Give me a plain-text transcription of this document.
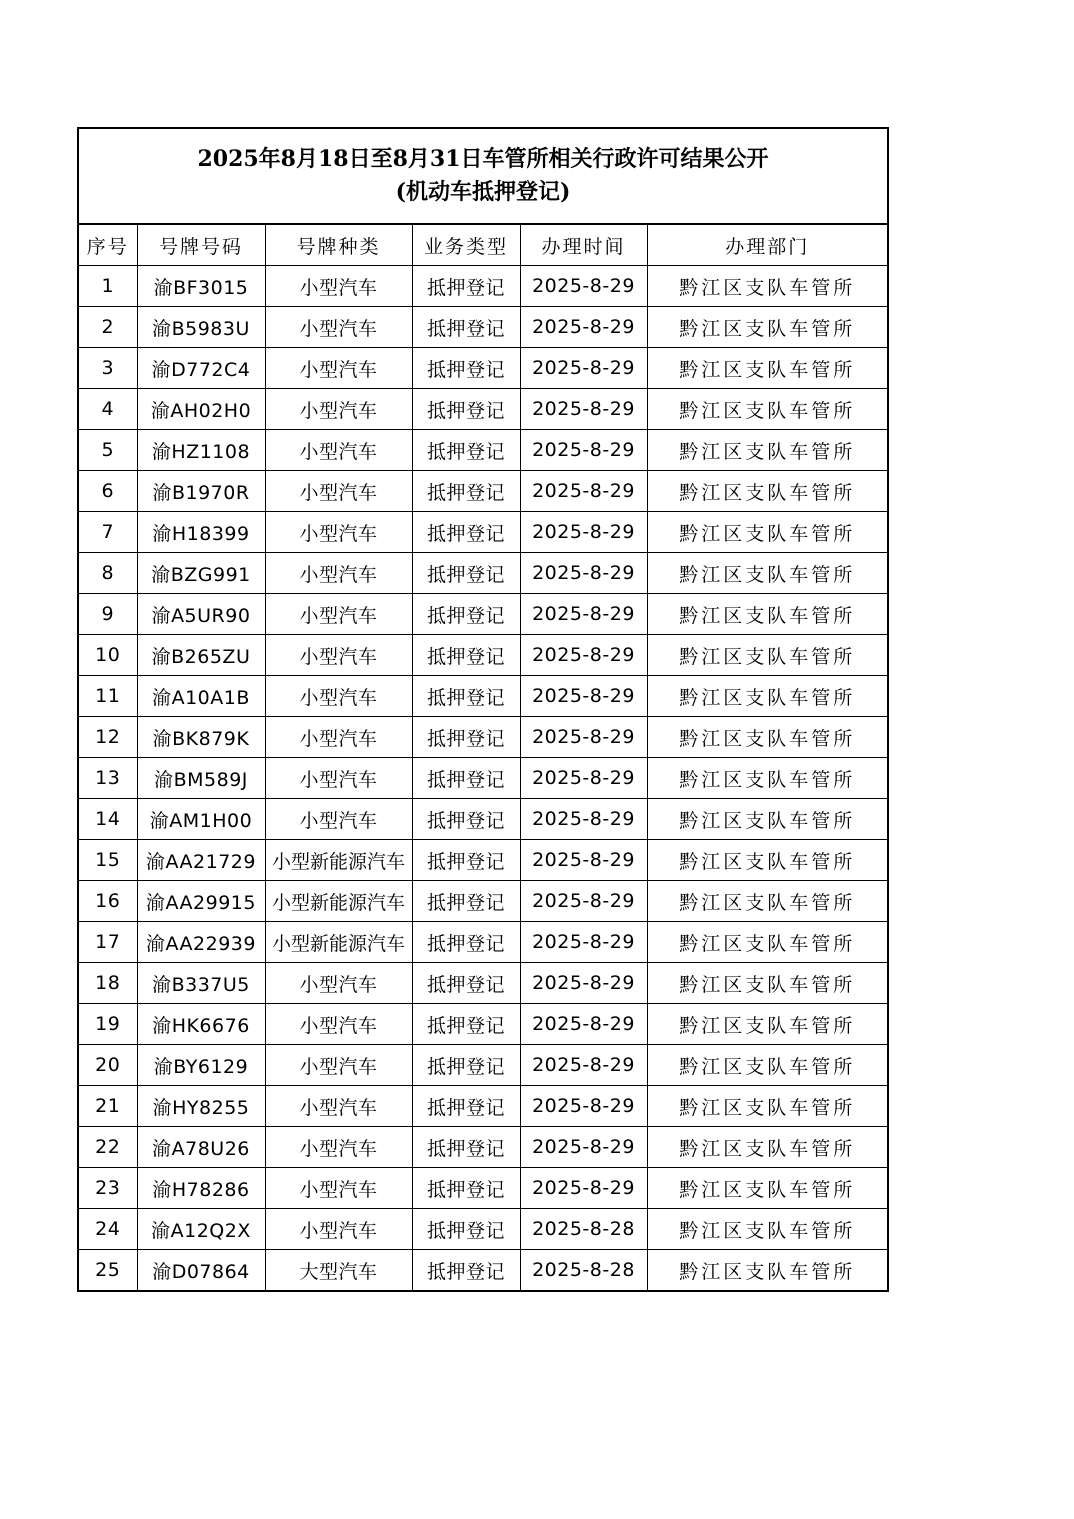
2025年8月18日至8月31日车管所相关行政许可结果公开
(机动车抵押登记)
序号	号牌号码	号牌种类	业务类型	办理时间	办理部门
1	渝BF3015	小型汽车	抵押登记	2025-8-29	黔江区支队车管所
2	渝B5983U	小型汽车	抵押登记	2025-8-29	黔江区支队车管所
3	渝D772C4	小型汽车	抵押登记	2025-8-29	黔江区支队车管所
4	渝AH02H0	小型汽车	抵押登记	2025-8-29	黔江区支队车管所
5	渝HZ1108	小型汽车	抵押登记	2025-8-29	黔江区支队车管所
6	渝B1970R	小型汽车	抵押登记	2025-8-29	黔江区支队车管所
7	渝H18399	小型汽车	抵押登记	2025-8-29	黔江区支队车管所
8	渝BZG991	小型汽车	抵押登记	2025-8-29	黔江区支队车管所
9	渝A5UR90	小型汽车	抵押登记	2025-8-29	黔江区支队车管所
10	渝B265ZU	小型汽车	抵押登记	2025-8-29	黔江区支队车管所
11	渝A10A1B	小型汽车	抵押登记	2025-8-29	黔江区支队车管所
12	渝BK879K	小型汽车	抵押登记	2025-8-29	黔江区支队车管所
13	渝BM589J	小型汽车	抵押登记	2025-8-29	黔江区支队车管所
14	渝AM1H00	小型汽车	抵押登记	2025-8-29	黔江区支队车管所
15	渝AA21729	小型新能源汽车	抵押登记	2025-8-29	黔江区支队车管所
16	渝AA29915	小型新能源汽车	抵押登记	2025-8-29	黔江区支队车管所
17	渝AA22939	小型新能源汽车	抵押登记	2025-8-29	黔江区支队车管所
18	渝B337U5	小型汽车	抵押登记	2025-8-29	黔江区支队车管所
19	渝HK6676	小型汽车	抵押登记	2025-8-29	黔江区支队车管所
20	渝BY6129	小型汽车	抵押登记	2025-8-29	黔江区支队车管所
21	渝HY8255	小型汽车	抵押登记	2025-8-29	黔江区支队车管所
22	渝A78U26	小型汽车	抵押登记	2025-8-29	黔江区支队车管所
23	渝H78286	小型汽车	抵押登记	2025-8-29	黔江区支队车管所
24	渝A12Q2X	小型汽车	抵押登记	2025-8-28	黔江区支队车管所
25	渝D07864	大型汽车	抵押登记	2025-8-28	黔江区支队车管所
